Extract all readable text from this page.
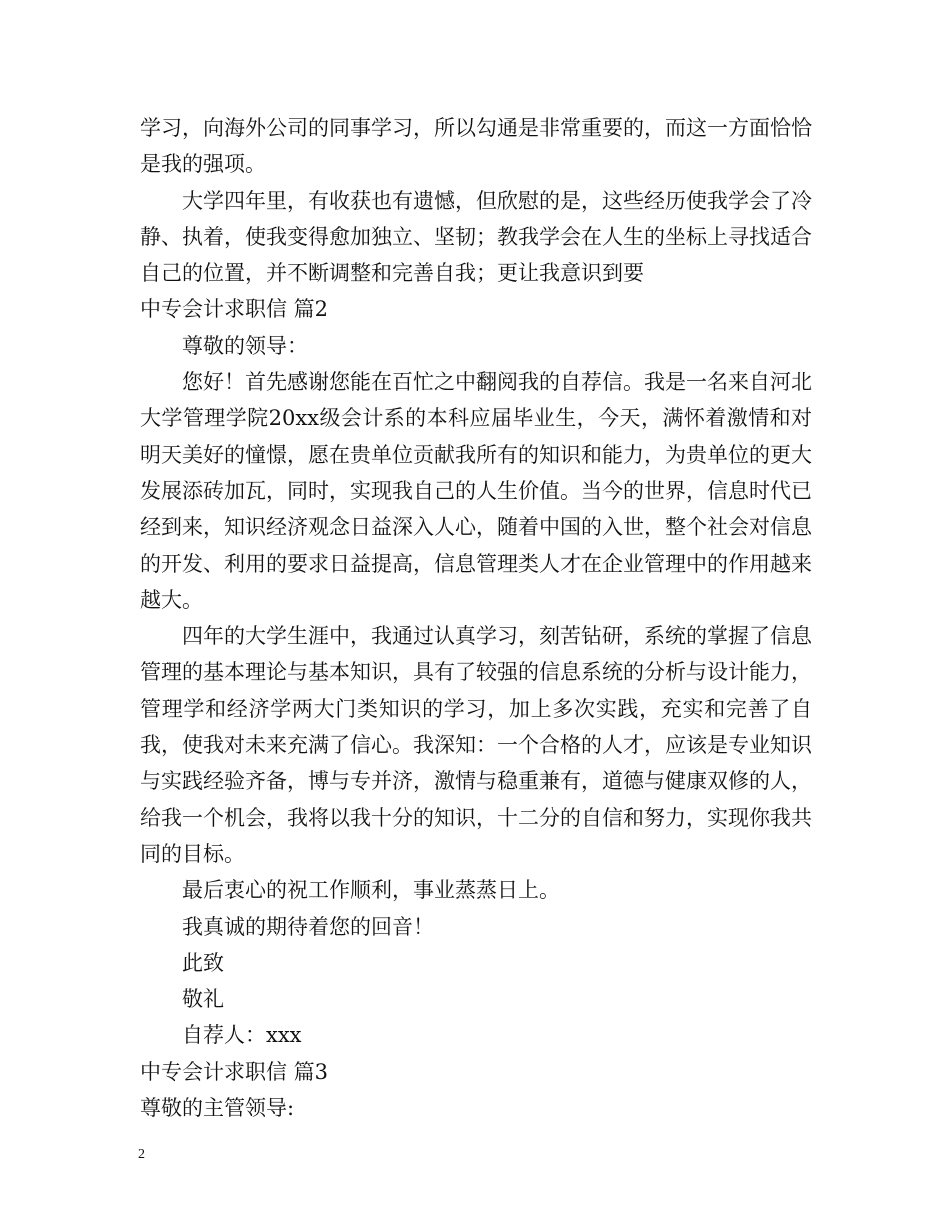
学习，向海外公司的同事学习，所以勾通是非常重要的，而这一方面恰恰是我的强项。

大学四年里，有收获也有遗憾，但欣慰的是，这些经历使我学会了冷静、执着，使我变得愈加独立、坚韧；教我学会在人生的坐标上寻找适合自己的位置，并不断调整和完善自我；更让我意识到要

中专会计求职信 篇2

尊敬的领导：

您好！首先感谢您能在百忙之中翻阅我的自荐信。我是一名来自河北大学管理学院20xx级会计系的本科应届毕业生，今天，满怀着激情和对明天美好的憧憬，愿在贵单位贡献我所有的知识和能力，为贵单位的更大发展添砖加瓦，同时，实现我自己的人生价值。当今的世界，信息时代已经到来，知识经济观念日益深入人心，随着中国的入世，整个社会对信息的开发、利用的要求日益提高，信息管理类人才在企业管理中的作用越来越大。

四年的大学生涯中，我通过认真学习，刻苦钻研，系统的掌握了信息管理的基本理论与基本知识，具有了较强的信息系统的分析与设计能力，管理学和经济学两大门类知识的学习，加上多次实践，充实和完善了自我，使我对未来充满了信心。我深知：一个合格的人才，应该是专业知识与实践经验齐备，博与专并济，激情与稳重兼有，道德与健康双修的人，给我一个机会，我将以我十分的知识，十二分的自信和努力，实现你我共同的目标。

最后衷心的祝工作顺利，事业蒸蒸日上。

我真诚的期待着您的回音！

此致

敬礼

自荐人：xxx

中专会计求职信 篇3

尊敬的主管领导:

2
